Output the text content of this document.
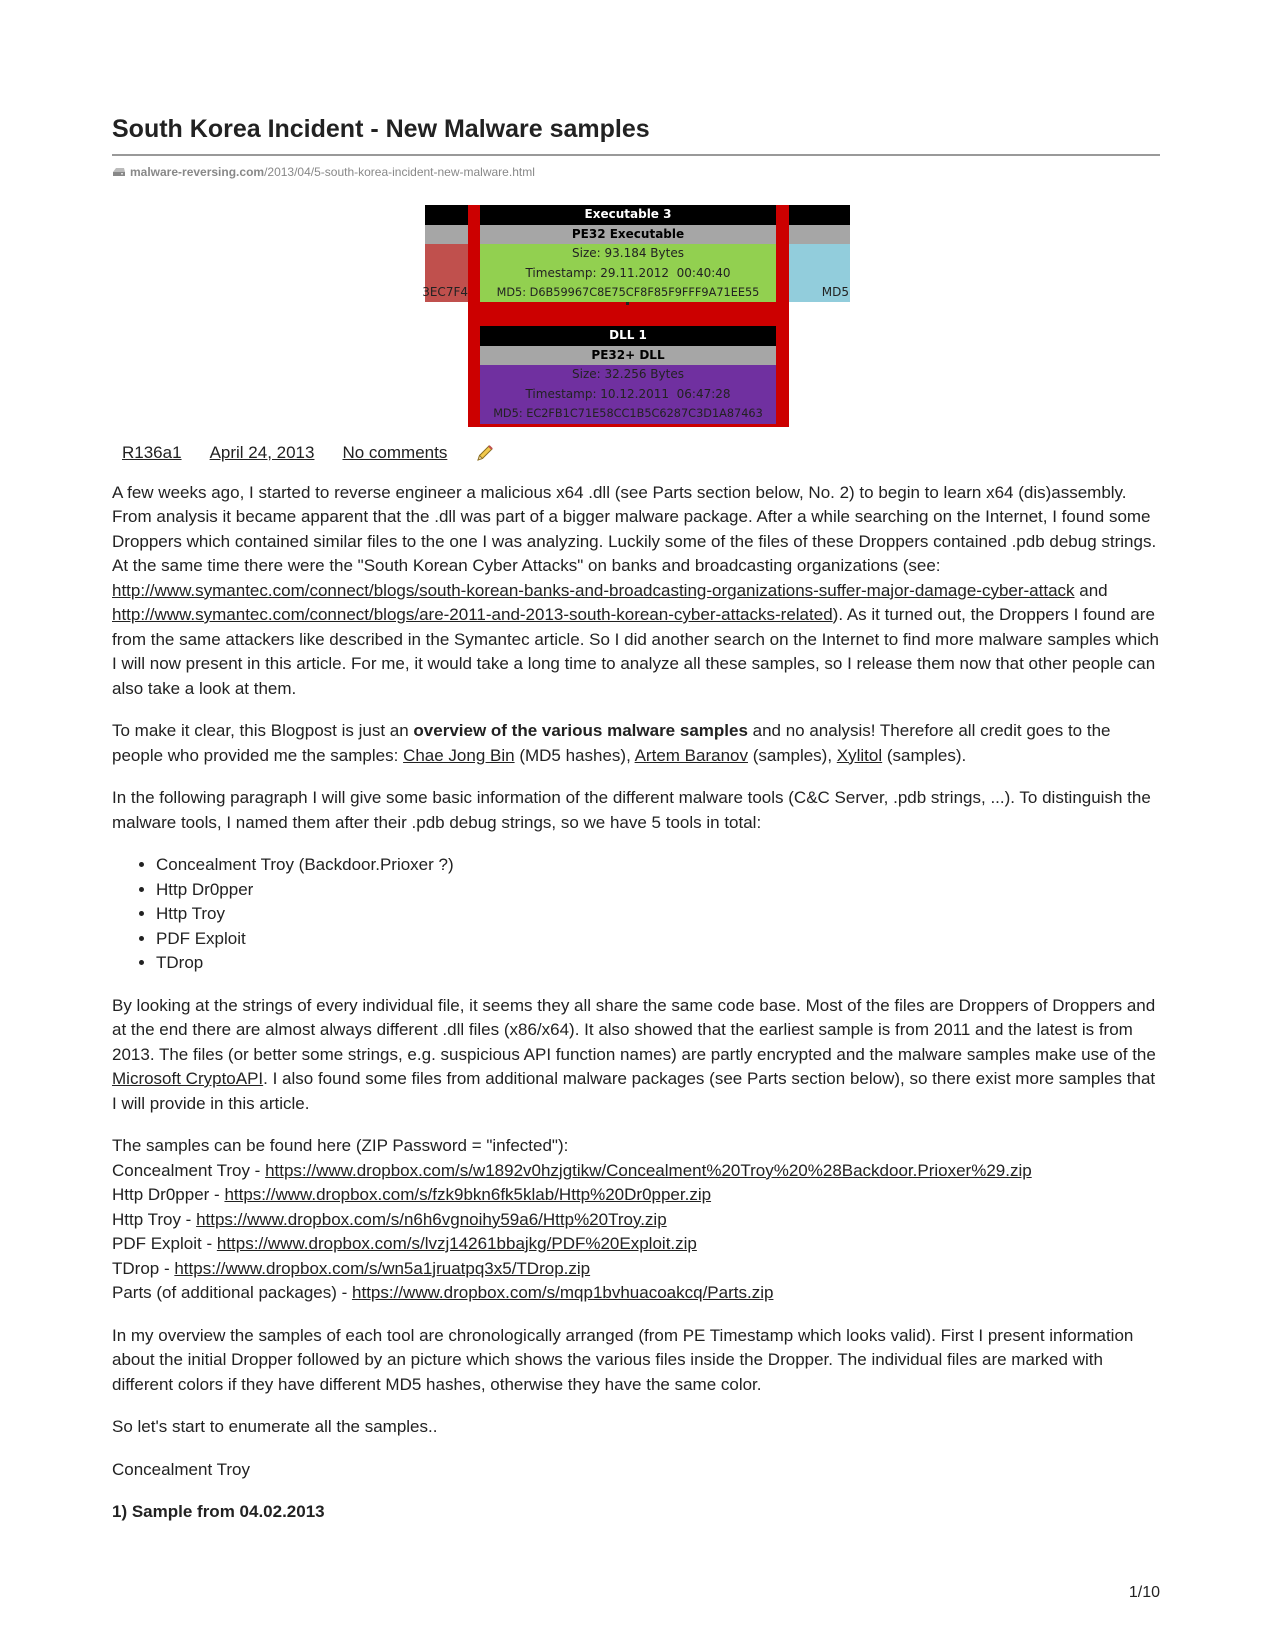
South Korea Incident - New Malware samples
malware-reversing.com /2013/04/5-south-korea-incident-new-malware.html
3EC7F4	MD5
Executable 3
PE32 Executable
Size: 93.184 Bytes
Timestamp: 29.11.2012  00:40:40
MD5: D6B59967C8E75CF8F85F9FFF9A71EE55
DLL 1
PE32+ DLL
Size: 32.256 Bytes
Timestamp: 10.12.2011  06:47:28
MD5: EC2FB1C71E58CC1B5C6287C3D1A87463
R136a1 April 24, 2013 No comments

A few weeks ago, I started to reverse engineer a malicious x64 .dll (see Parts section below, No. 2) to begin to learn x64 (dis)assembly. From analysis it became apparent that the .dll was part of a bigger malware package. After a while searching on the Internet, I found some Droppers which contained similar files to the one I was analyzing. Luckily some of the files of these Droppers contained .pdb debug strings. At the same time there were the "South Korean Cyber Attacks" on banks and broadcasting organizations (see: http://www.symantec.com/connect/blogs/south-korean-banks-and-broadcasting-organizations-suffer-major-damage-cyber-attack and http://www.symantec.com/connect/blogs/are-2011-and-2013-south-korean-cyber-attacks-related). As it turned out, the Droppers I found are from the same attackers like described in the Symantec article. So I did another search on the Internet to find more malware samples which I will now present in this article. For me, it would take a long time to analyze all these samples, so I release them now that other people can also take a look at them.

To make it clear, this Blogpost is just an overview of the various malware samples and no analysis! Therefore all credit goes to the people who provided me the samples: Chae Jong Bin (MD5 hashes), Artem Baranov (samples), Xylitol (samples).

In the following paragraph I will give some basic information of the different malware tools (C&C Server, .pdb strings, ...). To distinguish the malware tools, I named them after their .pdb debug strings, so we have 5 tools in total:

• Concealment Troy (Backdoor.Prioxer ?)
• Http Dr0pper
• Http Troy
• PDF Exploit
• TDrop

By looking at the strings of every individual file, it seems they all share the same code base. Most of the files are Droppers of Droppers and at the end there are almost always different .dll files (x86/x64). It also showed that the earliest sample is from 2011 and the latest is from 2013. The files (or better some strings, e.g. suspicious API function names) are partly encrypted and the malware samples make use of the Microsoft CryptoAPI. I also found some files from additional malware packages (see Parts section below), so there exist more samples that I will provide in this article.

The samples can be found here (ZIP Password = "infected"):
Concealment Troy - https://www.dropbox.com/s/w1892v0hzjgtikw/Concealment%20Troy%20%28Backdoor.Prioxer%29.zip
Http Dr0pper - https://www.dropbox.com/s/fzk9bkn6fk5klab/Http%20Dr0pper.zip
Http Troy - https://www.dropbox.com/s/n6h6vgnoihy59a6/Http%20Troy.zip
PDF Exploit - https://www.dropbox.com/s/lvzj14261bbajkg/PDF%20Exploit.zip
TDrop - https://www.dropbox.com/s/wn5a1jruatpq3x5/TDrop.zip
Parts (of additional packages) - https://www.dropbox.com/s/mqp1bvhuacoakcq/Parts.zip

In my overview the samples of each tool are chronologically arranged (from PE Timestamp which looks valid). First I present information about the initial Dropper followed by an picture which shows the various files inside the Dropper. The individual files are marked with different colors if they have different MD5 hashes, otherwise they have the same color.

So let's start to enumerate all the samples..

Concealment Troy

1) Sample from 04.02.2013

1/10
